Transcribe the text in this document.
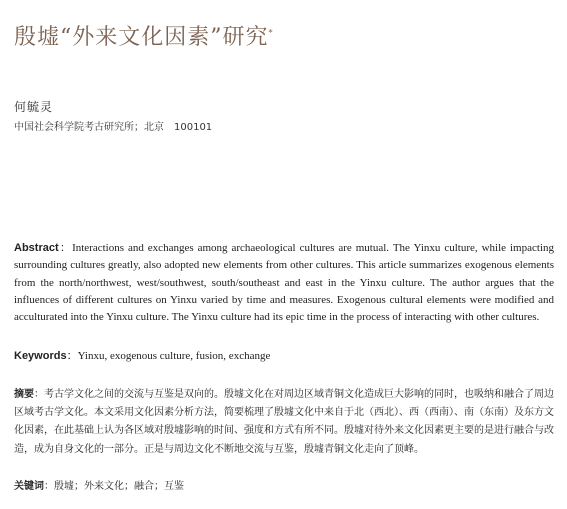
殷墟“外来文化因素”研究*
何毓灵
中国社会科学院考古研究所；北京　100101
Abstract：Interactions and exchanges among archaeological cultures are mutual. The Yinxu culture, while impacting surrounding cultures greatly, also adopted new elements from other cultures. This article summarizes exogenous elements from the north/northwest, west/southwest, south/southeast and east in the Yinxu culture. The author argues that the influences of different cultures on Yinxu varied by time and measures. Exogenous cultural elements were modified and acculturated into the Yinxu culture. The Yinxu culture had its epic time in the process of interacting with other cultures.
Keywords：Yinxu, exogenous culture, fusion, exchange
摘要：考古学文化之间的交流与互鉴是双向的。殷墟文化在对周边区域青铜文化造成巨大影响的同时，也吸纳和融合了周边区域考古学文化。本文采用文化因素分析方法，简要梳理了殷墟文化中来自于北（西北）、西（西南）、南（东南）及东方文化因素，在此基础上认为各区域对殷墟影响的时间、强度和方式有所不同。殷墟对待外来文化因素更主要的是进行融合与改造，成为自身文化的一部分。正是与周边文化不断地交流与互鉴，殷墟青铜文化走向了顶峰。
关键词：殷墟；外来文化；融合；互鉴
